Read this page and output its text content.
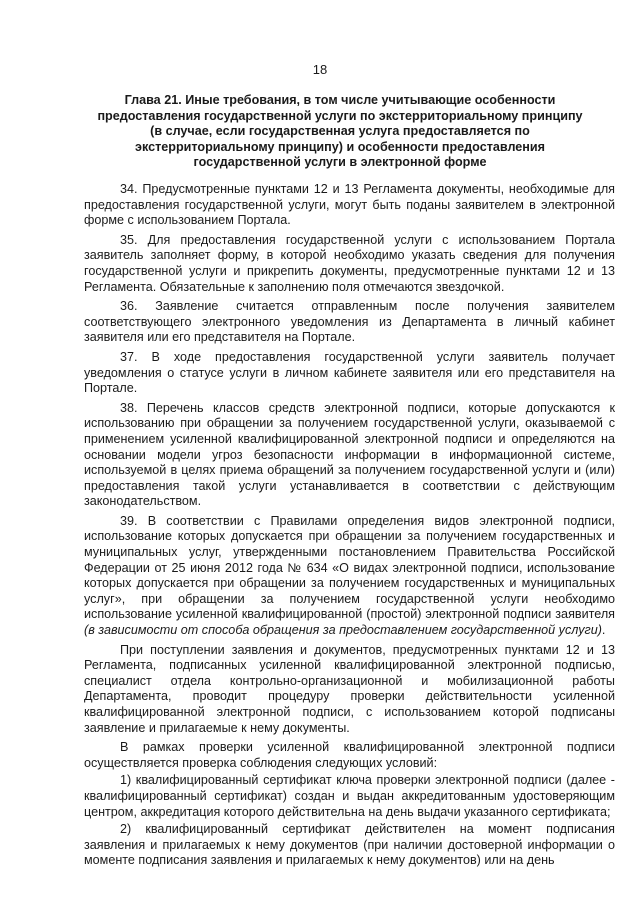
18
Глава 21. Иные требования, в том числе учитывающие особенности предоставления государственной услуги по экстерриториальному принципу (в случае, если государственная услуга предоставляется по экстерриториальному принципу) и особенности предоставления государственной услуги в электронной форме

34. Предусмотренные пунктами 12 и 13 Регламента документы, необходимые для предоставления государственной услуги, могут быть поданы заявителем в электронной форме с использованием Портала.

35. Для предоставления государственной услуги с использованием Портала заявитель заполняет форму, в которой необходимо указать сведения для получения государственной услуги и прикрепить документы, предусмотренные пунктами 12 и 13 Регламента. Обязательные к заполнению поля отмечаются звездочкой.

36. Заявление считается отправленным после получения заявителем соответствующего электронного уведомления из Департамента в личный кабинет заявителя или его представителя на Портале.

37. В ходе предоставления государственной услуги заявитель получает уведомления о статусе услуги в личном кабинете заявителя или его представителя на Портале.

38. Перечень классов средств электронной подписи, которые допускаются к использованию при обращении за получением государственной услуги, оказываемой с применением усиленной квалифицированной электронной подписи и определяются на основании модели угроз безопасности информации в информационной системе, используемой в целях приема обращений за получением государственной услуги и (или) предоставления такой услуги устанавливается в соответствии с действующим законодательством.

39. В соответствии с Правилами определения видов электронной подписи, использование которых допускается при обращении за получением государственных и муниципальных услуг, утвержденными постановлением Правительства Российской Федерации от 25 июня 2012 года № 634 «О видах электронной подписи, использование которых допускается при обращении за получением государственных и муниципальных услуг», при обращении за получением государственной услуги необходимо использование усиленной квалифицированной (простой) электронной подписи заявителя (в зависимости от способа обращения за предоставлением государственной услуги).

При поступлении заявления и документов, предусмотренных пунктами 12 и 13 Регламента, подписанных усиленной квалифицированной электронной подписью, специалист отдела контрольно-организационной и мобилизационной работы Департамента, проводит процедуру проверки действительности усиленной квалифицированной электронной подписи, с использованием которой подписаны заявление и прилагаемые к нему документы.

В рамках проверки усиленной квалифицированной электронной подписи осуществляется проверка соблюдения следующих условий:

1) квалифицированный сертификат ключа проверки электронной подписи (далее - квалифицированный сертификат) создан и выдан аккредитованным удостоверяющим центром, аккредитация которого действительна на день выдачи указанного сертификата;

2) квалифицированный сертификат действителен на момент подписания заявления и прилагаемых к нему документов (при наличии достоверной информации о моменте подписания заявления и прилагаемых к нему документов) или на день
